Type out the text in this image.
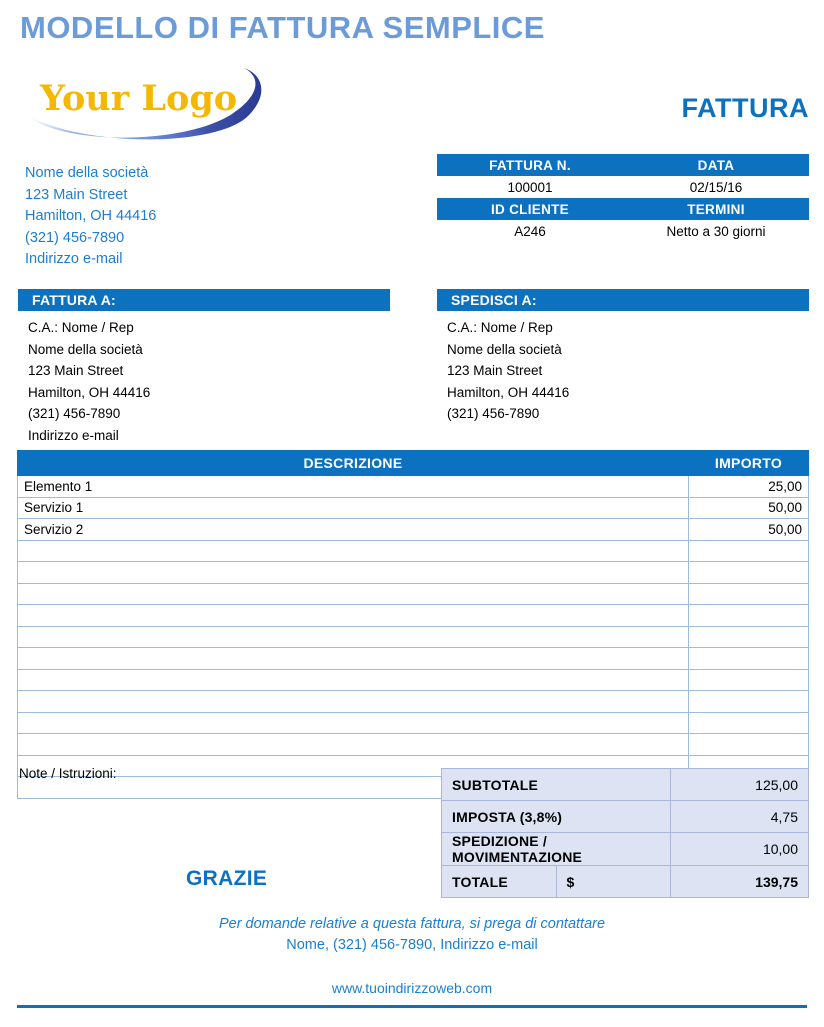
MODELLO DI FATTURA SEMPLICE
Your Logo	FATTURA
Nome della società
123 Main Street
Hamilton, OH 44416
(321) 456-7890
Indirizzo e-mail
FATTURA N.	DATA
100001	02/15/16
ID CLIENTE	TERMINI
A246	Netto a 30 giorni
FATTURA A:
C.A.: Nome / Rep
Nome della società
123 Main Street
Hamilton, OH 44416
(321) 456-7890
Indirizzo e-mail
SPEDISCI A:
C.A.: Nome / Rep
Nome della società
123 Main Street
Hamilton, OH 44416
(321) 456-7890
DESCRIZIONE	IMPORTO
Elemento 1	25,00
Servizio 1	50,00
Servizio 2	50,00

Note / Istruzioni:
SUBTOTALE		125,00
IMPOSTA (3,8%)		4,75
SPEDIZIONE / MOVIMENTAZIONE		10,00
TOTALE	$	139,75
GRAZIE
Per domande relative a questa fattura, si prega di contattare
Nome, (321) 456-7890, Indirizzo e-mail
www.tuoindirizzoweb.com
